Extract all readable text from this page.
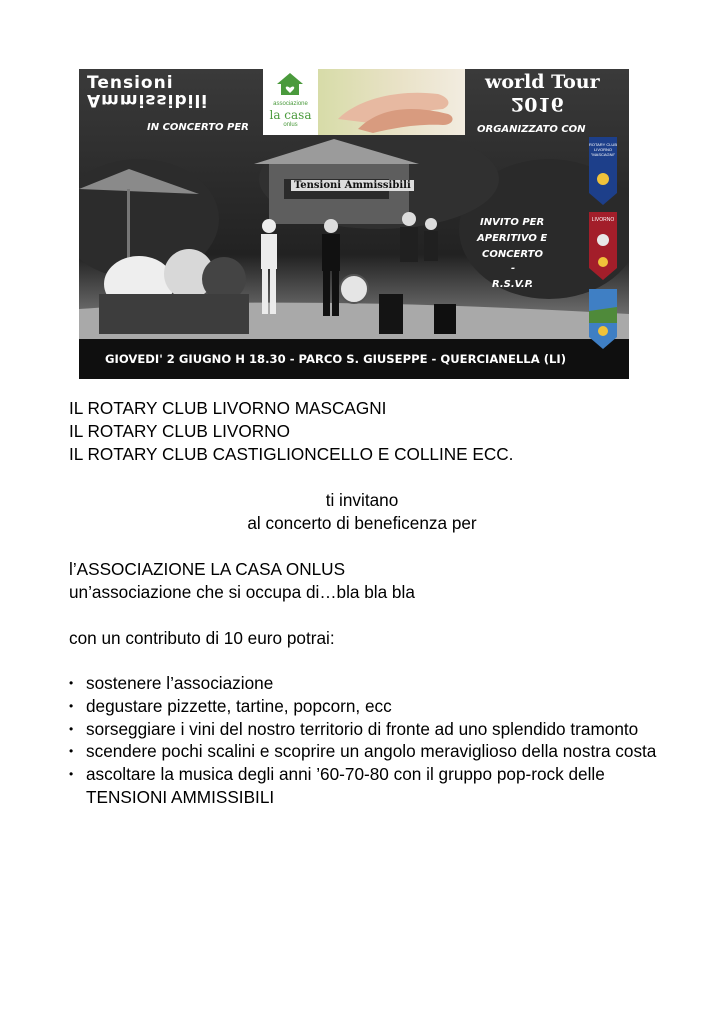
Tensioni
Ammissibili
IN CONCERTO PER
associazione
la casa
onlus
world Tour
2016
ORGANIZZATO CON
Tensioni Ammissibili
INVITO PER
APERITIVO E
CONCERTO
-
R.S.V.P.
ROTARY CLUB
LIVORNO
"MASCAGNI"
LIVORNO
GIOVEDI' 2 GIUGNO H 18.30 - PARCO S. GIUSEPPE - QUERCIANELLA (LI)
IL ROTARY CLUB LIVORNO MASCAGNI
IL ROTARY CLUB LIVORNO
IL ROTARY CLUB CASTIGLIONCELLO E COLLINE ECC.
ti invitano
al concerto di beneficenza per
l’ASSOCIAZIONE LA CASA ONLUS
un’associazione che si occupa di…bla bla bla
con un contributo di 10 euro potrai:
• sostenere l’associazione
• degustare pizzette, tartine, popcorn, ecc
• sorseggiare i vini del nostro territorio di fronte ad uno splendido tramonto
• scendere pochi scalini e scoprire un angolo meraviglioso della nostra costa
• ascoltare la musica degli anni ’60-70-80 con il gruppo pop-rock delle TENSIONI AMMISSIBILI
